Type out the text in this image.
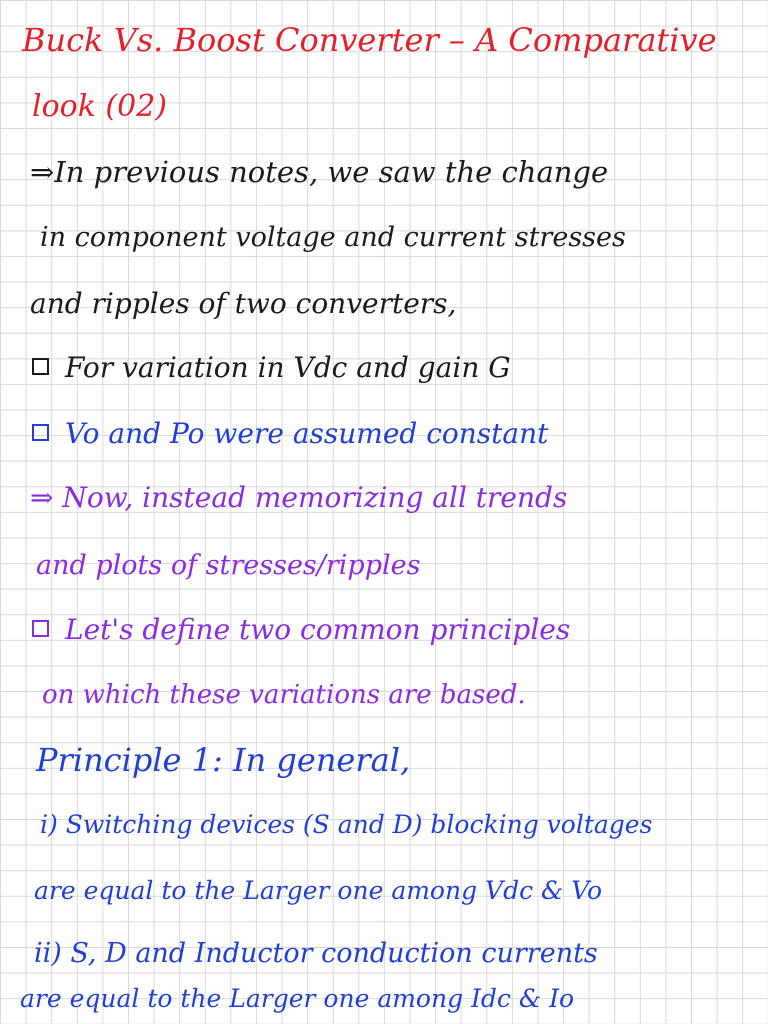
Buck Vs. Boost Converter – A Comparative
look (02)
⇒In previous notes, we saw the change
in component voltage and current stresses
and ripples of two converters,
For variation in Vdc and gain G
Vo and Po were assumed constant
⇒ Now, instead memorizing all trends
and plots of stresses/ripples
Let's define two common principles
on which these variations are based.
Principle 1: In general,
i) Switching devices (S and D) blocking voltages
are equal to the Larger one among Vdc & Vo
ii) S, D and Inductor conduction currents
are equal to the Larger one among Idc & Io
